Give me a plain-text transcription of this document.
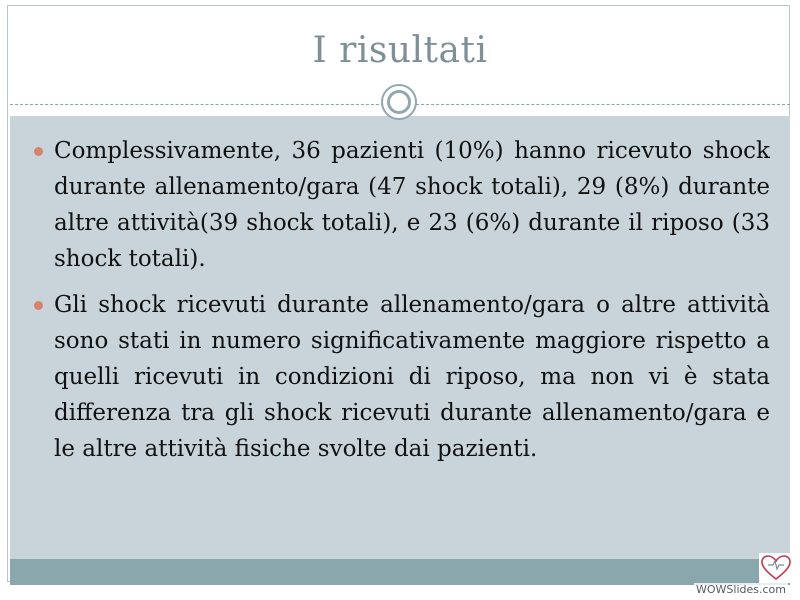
I risultati
Complessivamente, 36 pazienti (10%) hanno ricevuto shock durante allenamento/gara (47 shock totali), 29 (8%) durante altre attività(39 shock totali), e 23 (6%) durante il riposo (33 shock totali).
Gli shock ricevuti durante allenamento/gara o altre attività sono stati in numero significativamente maggiore rispetto a quelli ricevuti in condizioni di riposo, ma non vi è stata differenza tra gli shock ricevuti durante allenamento/gara e le altre attività fisiche svolte dai pazienti.
WOWSlides.com
